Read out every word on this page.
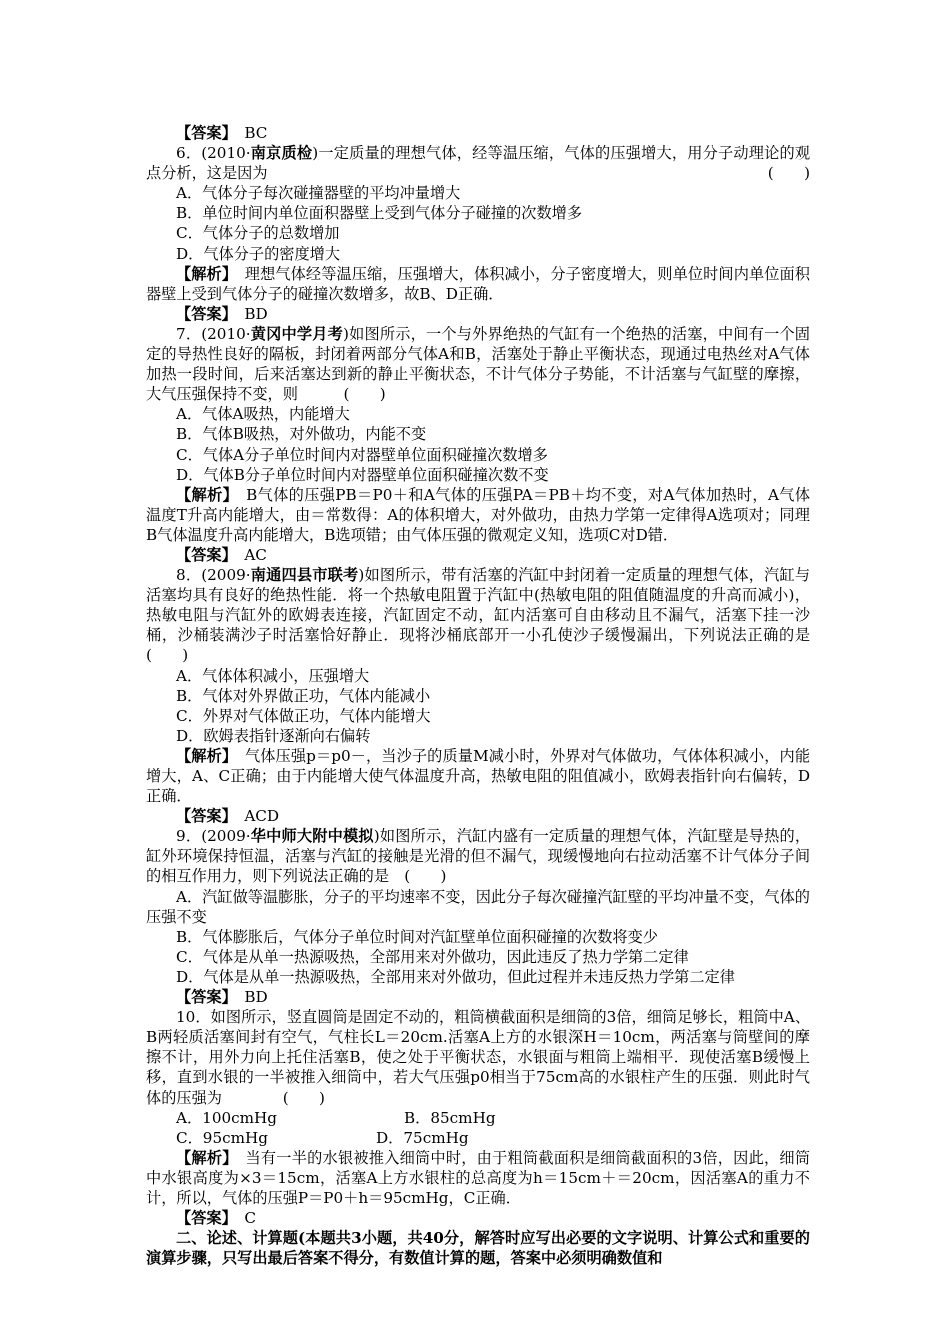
【答案】　 BC

6．(2010·南京质检)一定质量的理想气体，经等温压缩，气体的压强增大，用分子动理论的观点分析，这是因为	(　　)

A．气体分子每次碰撞器壁的平均冲量增大

B．单位时间内单位面积器壁上受到气体分子碰撞的次数增多

C．气体分子的总数增加

D．气体分子的密度增大

【解析】　 理想气体经等温压缩，压强增大，体积减小，分子密度增大，则单位时间内单位面积器壁上受到气体分子的碰撞次数增多，故B、D正确．

【答案】　 BD

7．(2010·黄冈中学月考)如图所示，一个与外界绝热的气缸有一个绝热的活塞，中间有一个固定的导热性良好的隔板，封闭着两部分气体A和B，活塞处于静止平衡状态，现通过电热丝对A气体加热一段时间，后来活塞达到新的静止平衡状态，不计气体分子势能，不计活塞与气缸壁的摩擦，大气压强保持不变，则　　　	(　　)

A．气体A吸热，内能增大

B．气体B吸热，对外做功，内能不变

C．气体A分子单位时间内对器壁单位面积碰撞次数增多

D．气体B分子单位时间内对器壁单位面积碰撞次数不变

【解析】　 B气体的压强PB＝P0＋和A气体的压强PA＝PB＋均不变，对A气体加热时，A气体温度T升高内能增大，由＝常数得：A的体积增大，对外做功，由热力学第一定律得A选项对；同理B气体温度升高内能增大，B选项错；由气体压强的微观定义知，选项C对D错．

【答案】　 AC

8．(2009·南通四县市联考)如图所示，带有活塞的汽缸中封闭着一定质量的理想气体，汽缸与活塞均具有良好的绝热性能．将一个热敏电阻置于汽缸中(热敏电阻的阻值随温度的升高而减小)，热敏电阻与汽缸外的欧姆表连接，汽缸固定不动，缸内活塞可自由移动且不漏气，活塞下挂一沙桶，沙桶装满沙子时活塞恰好静止．现将沙桶底部开一小孔使沙子缓慢漏出，下列说法正确的是　　(　　)

A．气体体积减小，压强增大

B．气体对外界做正功，气体内能减小

C．外界对气体做正功，气体内能增大

D．欧姆表指针逐渐向右偏转

【解析】　 气体压强p＝p0－，当沙子的质量M减小时，外界对气体做功，气体体积减小，内能增大，A、C正确；由于内能增大使气体温度升高，热敏电阻的阻值减小，欧姆表指针向右偏转，D正确．

【答案】　 ACD

9．(2009·华中师大附中模拟)如图所示，汽缸内盛有一定质量的理想气体，汽缸壁是导热的，缸外环境保持恒温，活塞与汽缸的接触是光滑的但不漏气，现缓慢地向右拉动活塞不计气体分子间的相互作用力，则下列说法正确的是　 (　　)

A．汽缸做等温膨胀，分子的平均速率不变，因此分子每次碰撞汽缸壁的平均冲量不变，气体的压强不变

B．气体膨胀后，气体分子单位时间对汽缸壁单位面积碰撞的次数将变少

C．气体是从单一热源吸热，全部用来对外做功，因此违反了热力学第二定律

D．气体是从单一热源吸热，全部用来对外做功，但此过程并未违反热力学第二定律

【答案】　 BD

10．如图所示，竖直圆筒是固定不动的，粗筒横截面积是细筒的3倍，细筒足够长，粗筒中A、B两轻质活塞间封有空气，气柱长L＝20cm.活塞A上方的水银深H＝10cm，两活塞与筒壁间的摩擦不计，用外力向上托住活塞B，使之处于平衡状态，水银面与粗筒上端相平．现使活塞B缓慢上移，直到水银的一半被推入细筒中，若大气压强p0相当于75cm高的水银柱产生的压强．则此时气体的压强为　　　　	(　　)

A．100cmHg	B．85cmHg

C．95cmHg	D．75cmHg

【解析】　 当有一半的水银被推入细筒中时，由于粗筒截面积是细筒截面积的3倍，因此，细筒中水银高度为×3＝15cm，活塞A上方水银柱的总高度为h＝15cm＋＝20cm，因活塞A的重力不计，所以，气体的压强P＝P0＋h＝95cmHg，C正确．

【答案】　 C

二、论述、计算题(本题共3小题，共40分，解答时应写出必要的文字说明、计算公式和重要的演算步骤，只写出最后答案不得分，有数值计算的题，答案中必须明确数值和
